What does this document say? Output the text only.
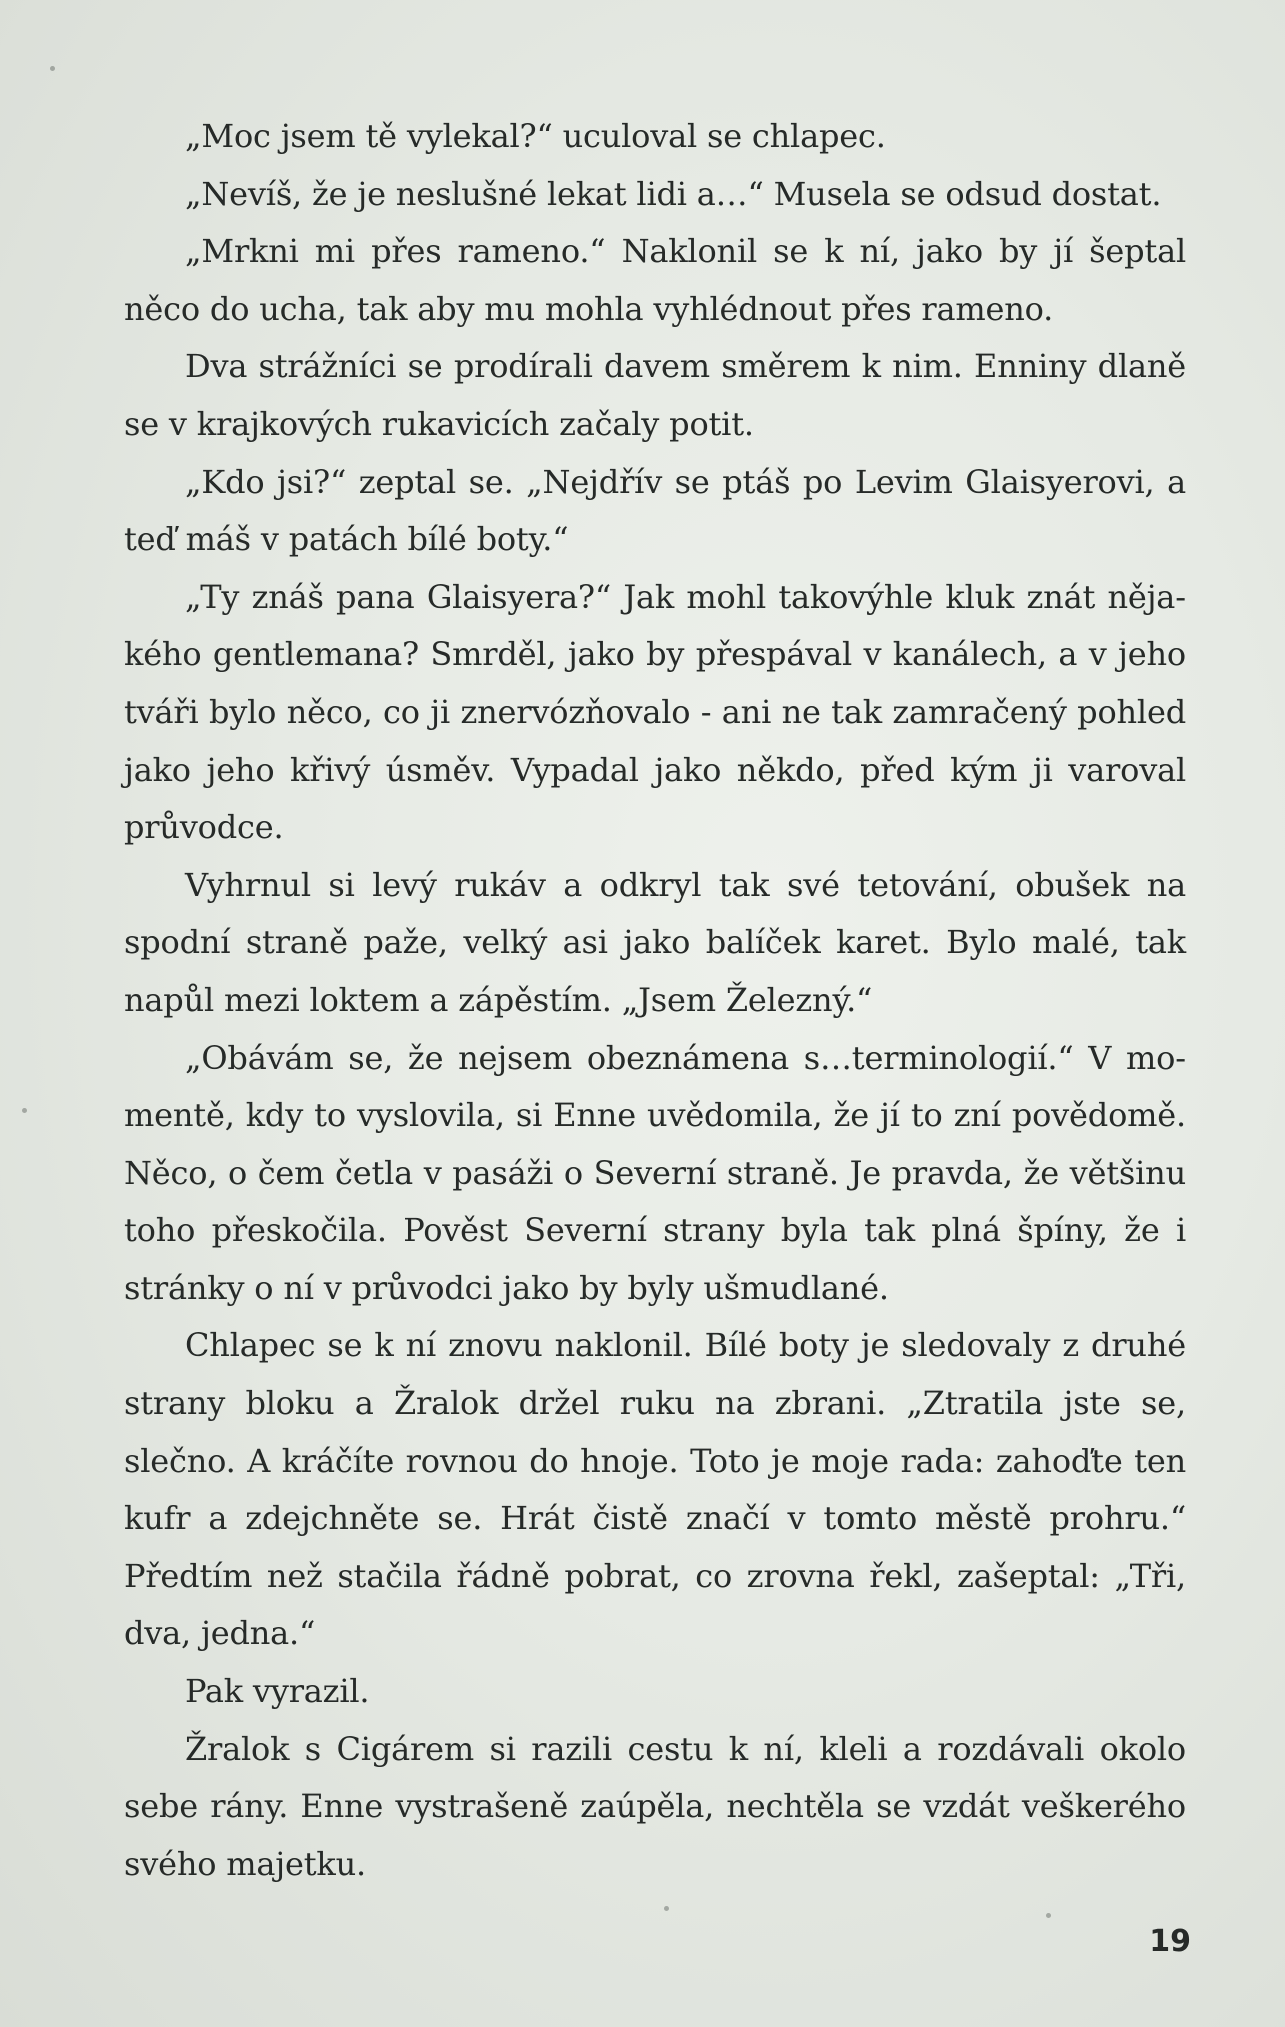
„Moc jsem tě vylekal?“ uculoval se chlapec.

„Nevíš, že je neslušné lekat lidi a…“ Musela se odsud dostat.

„Mrkni mi přes rameno.“ Naklonil se k ní, jako by jí šeptal něco do ucha, tak aby mu mohla vyhlédnout přes rameno.

Dva strážníci se prodírali davem směrem k nim. Enniny dlaně se v krajkových rukavicích začaly potit.

„Kdo jsi?“ zeptal se. „Nejdřív se ptáš po Levim Glaisyerovi, a teď máš v patách bílé boty.“

„Ty znáš pana Glaisyera?“ Jak mohl takovýhle kluk znát nějakého gentlemana? Smrděl, jako by přespával v kanálech, a v jeho tváři bylo něco, co ji znervózňovalo - ani ne tak zamračený pohled jako jeho křivý úsměv. Vypadal jako někdo, před kým ji varoval průvodce.

Vyhrnul si levý rukáv a odkryl tak své tetování, obušek na spodní straně paže, velký asi jako balíček karet. Bylo malé, tak napůl mezi loktem a zápěstím. „Jsem Železný.“

„Obávám se, že nejsem obeznámena s…terminologií.“ V momentě, kdy to vyslovila, si Enne uvědomila, že jí to zní povědomě. Něco, o čem četla v pasáži o Severní straně. Je pravda, že většinu toho přeskočila. Pověst Severní strany byla tak plná špíny, že i stránky o ní v průvodci jako by byly ušmudlané.

Chlapec se k ní znovu naklonil. Bílé boty je sledovaly z druhé strany bloku a Žralok držel ruku na zbrani. „Ztratila jste se, slečno. A kráčíte rovnou do hnoje. Toto je moje rada: zahoďte ten kufr a zdejchněte se. Hrát čistě značí v tomto městě prohru.“ Předtím než stačila řádně pobrat, co zrovna řekl, zašeptal: „Tři, dva, jedna.“

Pak vyrazil.

Žralok s Cigárem si razili cestu k ní, kleli a rozdávali okolo sebe rány. Enne vystrašeně zaúpěla, nechtěla se vzdát veškerého svého majetku.

19
